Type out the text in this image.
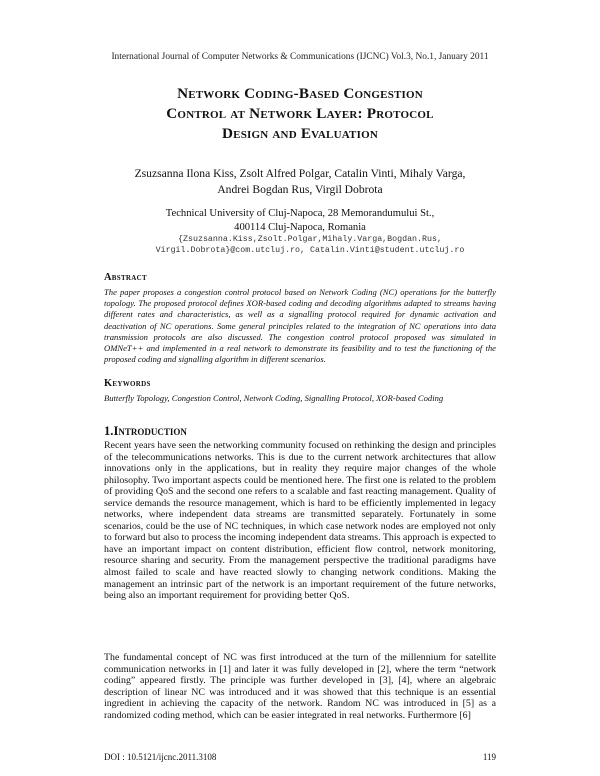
International Journal of Computer Networks & Communications (IJCNC) Vol.3, No.1, January 2011
Network Coding-Based Congestion
Control at Network Layer: Protocol
Design and Evaluation
Zsuzsanna Ilona Kiss, Zsolt Alfred Polgar, Catalin Vinti, Mihaly Varga,
Andrei Bogdan Rus, Virgil Dobrota
Technical University of Cluj-Napoca, 28 Memorandumului St.,
400114 Cluj-Napoca, Romania
{Zsuzsanna.Kiss,Zsolt.Polgar,Mihaly.Varga,Bogdan.Rus,
Virgil.Dobrota}@com.utcluj.ro, Catalin.Vinti@student.utcluj.ro
Abstract
The paper proposes a congestion control protocol based on Network Coding (NC) operations for the butterfly topology. The proposed protocol defines XOR-based coding and decoding algorithms adapted to streams having different rates and characteristics, as well as a signalling protocol required for dynamic activation and deactivation of NC operations. Some general principles related to the integration of NC operations into data transmission protocols are also discussed. The congestion control protocol proposed was simulated in OMNeT++ and implemented in a real network to demonstrate its feasibility and to test the functioning of the proposed coding and signalling algorithm in different scenarios.
Keywords
Butterfly Topology, Congestion Control, Network Coding, Signalling Protocol, XOR-based Coding
1.Introduction
Recent years have seen the networking community focused on rethinking the design and principles of the telecommunications networks. This is due to the current network architectures that allow innovations only in the applications, but in reality they require major changes of the whole philosophy. Two important aspects could be mentioned here. The first one is related to the problem of providing QoS and the second one refers to a scalable and fast reacting management. Quality of service demands the resource management, which is hard to be efficiently implemented in legacy networks, where independent data streams are transmitted separately. Fortunately in some scenarios, could be the use of NC techniques, in which case network nodes are employed not only to forward but also to process the incoming independent data streams. This approach is expected to have an important impact on content distribution, efficient flow control, network monitoring, resource sharing and security. From the management perspective the traditional paradigms have almost failed to scale and have reacted slowly to changing network conditions. Making the management an intrinsic part of the network is an important requirement of the future networks, being also an important requirement for providing better QoS.
The fundamental concept of NC was first introduced at the turn of the millennium for satellite communication networks in [1] and later it was fully developed in [2], where the term “network coding” appeared firstly. The principle was further developed in [3], [4], where an algebraic description of linear NC was introduced and it was showed that this technique is an essential ingredient in achieving the capacity of the network. Random NC was introduced in [5] as a randomized coding method, which can be easier integrated in real networks. Furthermore [6]
DOI : 10.5121/ijcnc.2011.3108	119
